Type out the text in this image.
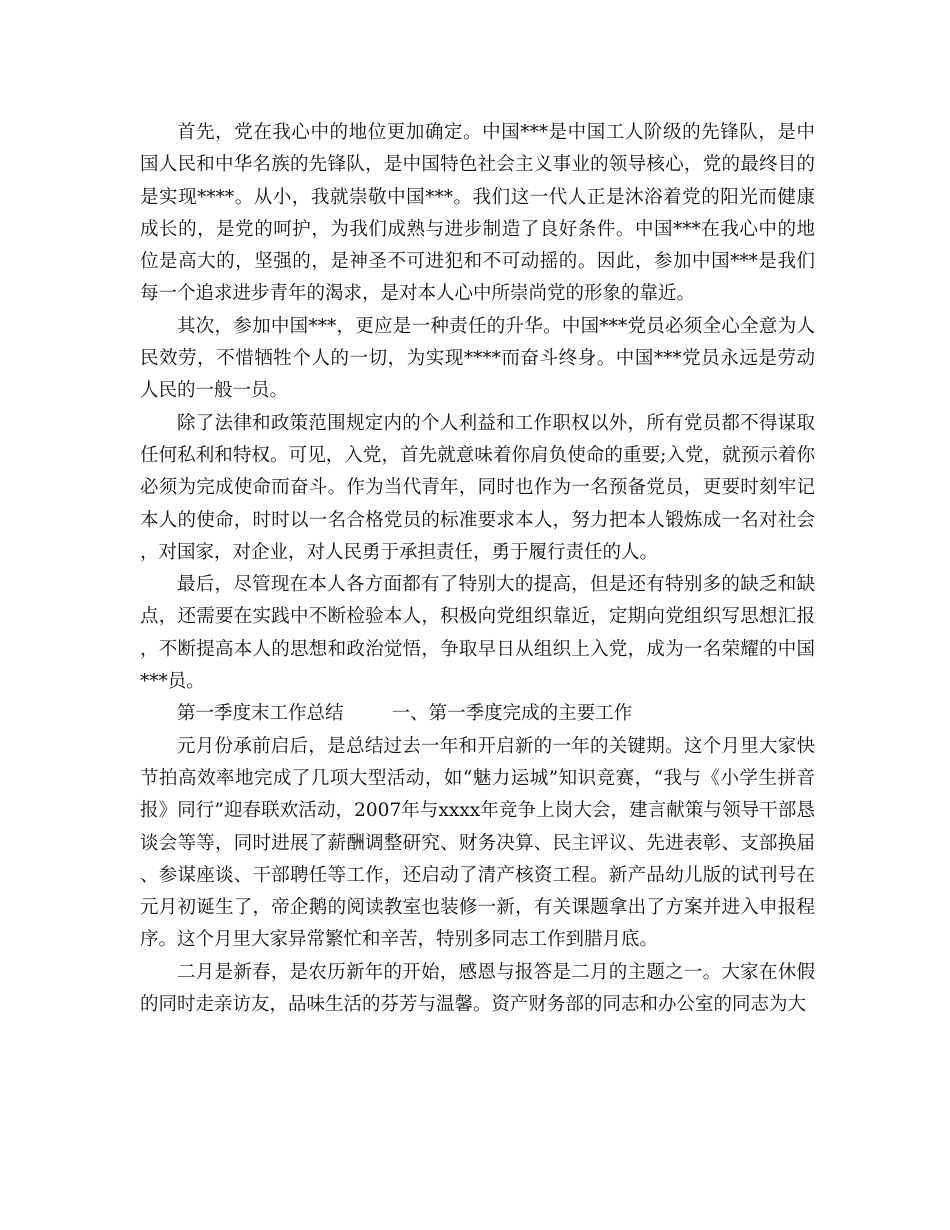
首先，党在我心中的地位更加确定。中国***是中国工人阶级的先锋队，是中国人民和中华名族的先锋队，是中国特色社会主义事业的领导核心，党的最终目的是实现****。从小，我就崇敬中国***。我们这一代人正是沐浴着党的阳光而健康成长的，是党的呵护，为我们成熟与进步制造了良好条件。中国***在我心中的地位是高大的，坚强的，是神圣不可进犯和不可动摇的。因此，参加中国***是我们每一个追求进步青年的渴求，是对本人心中所崇尚党的形象的靠近。

其次，参加中国***，更应是一种责任的升华。中国***党员必须全心全意为人民效劳，不惜牺牲个人的一切，为实现****而奋斗终身。中国***党员永远是劳动人民的一般一员。

除了法律和政策范围规定内的个人利益和工作职权以外，所有党员都不得谋取任何私利和特权。可见，入党，首先就意味着你肩负使命的重要;入党，就预示着你必须为完成使命而奋斗。作为当代青年，同时也作为一名预备党员，更要时刻牢记本人的使命，时时以一名合格党员的标准要求本人，努力把本人锻炼成一名对社会，对国家，对企业，对人民勇于承担责任，勇于履行责任的人。

最后，尽管现在本人各方面都有了特别大的提高，但是还有特别多的缺乏和缺点，还需要在实践中不断检验本人，积极向党组织靠近，定期向党组织写思想汇报，不断提高本人的思想和政治觉悟，争取早日从组织上入党，成为一名荣耀的中国***员。

第一季度末工作总结	一、第一季度完成的主要工作

元月份承前启后，是总结过去一年和开启新的一年的关键期。这个月里大家快节拍高效率地完成了几项大型活动，如“魅力运城”知识竞赛，“我与《小学生拼音报》同行”迎春联欢活动，2007年与xxxx年竞争上岗大会，建言献策与领导干部恳谈会等等，同时进展了薪酬调整研究、财务决算、民主评议、先进表彰、支部换届、参谋座谈、干部聘任等工作，还启动了清产核资工程。新产品幼儿版的试刊号在元月初诞生了，帝企鹅的阅读教室也装修一新，有关课题拿出了方案并进入申报程序。这个月里大家异常繁忙和辛苦，特别多同志工作到腊月底。

二月是新春，是农历新年的开始，感恩与报答是二月的主题之一。大家在休假的同时走亲访友，品味生活的芬芳与温馨。资产财务部的同志和办公室的同志为大
